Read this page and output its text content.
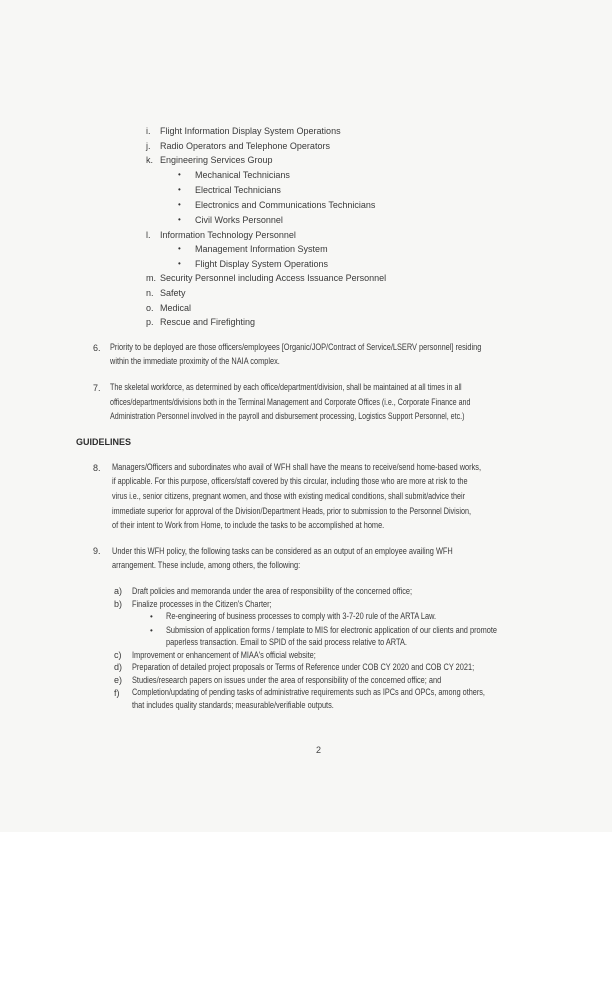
i. Flight Information Display System Operations
j. Radio Operators and Telephone Operators
k. Engineering Services Group
• Mechanical Technicians
• Electrical Technicians
• Electronics and Communications Technicians
• Civil Works Personnel
l. Information Technology Personnel
• Management Information System
• Flight Display System Operations
m. Security Personnel including Access Issuance Personnel
n. Safety
o. Medical
p. Rescue and Firefighting
6. Priority to be deployed are those officers/employees [Organic/JOP/Contract of Service/LSERV personnel] residing
within the immediate proximity of the NAIA complex.
7. The skeletal workforce, as determined by each office/department/division, shall be maintained at all times in all
offices/departments/divisions both in the Terminal Management and Corporate Offices (i.e., Corporate Finance and
Administration Personnel involved in the payroll and disbursement processing, Logistics Support Personnel, etc.)
GUIDELINES
8. Managers/Officers and subordinates who avail of WFH shall have the means to receive/send home-based works,
if applicable. For this purpose, officers/staff covered by this circular, including those who are more at risk to the
virus i.e., senior citizens, pregnant women, and those with existing medical conditions, shall submit/advice their
immediate superior for approval of the Division/Department Heads, prior to submission to the Personnel Division,
of their intent to Work from Home, to include the tasks to be accomplished at home.
9. Under this WFH policy, the following tasks can be considered as an output of an employee availing WFH
arrangement. These include, among others, the following:
a) Draft policies and memoranda under the area of responsibility of the concerned office;
b) Finalize processes in the Citizen's Charter;
• Re-engineering of business processes to comply with 3-7-20 rule of the ARTA Law.
• Submission of application forms / template to MIS for electronic application of our clients and promote
paperless transaction. Email to SPID of the said process relative to ARTA.
c) Improvement or enhancement of MIAA's official website;
d) Preparation of detailed project proposals or Terms of Reference under COB CY 2020 and COB CY 2021;
e) Studies/research papers on issues under the area of responsibility of the concerned office; and
f) Completion/updating of pending tasks of administrative requirements such as IPCs and OPCs, among others,
that includes quality standards; measurable/verifiable outputs.
2
